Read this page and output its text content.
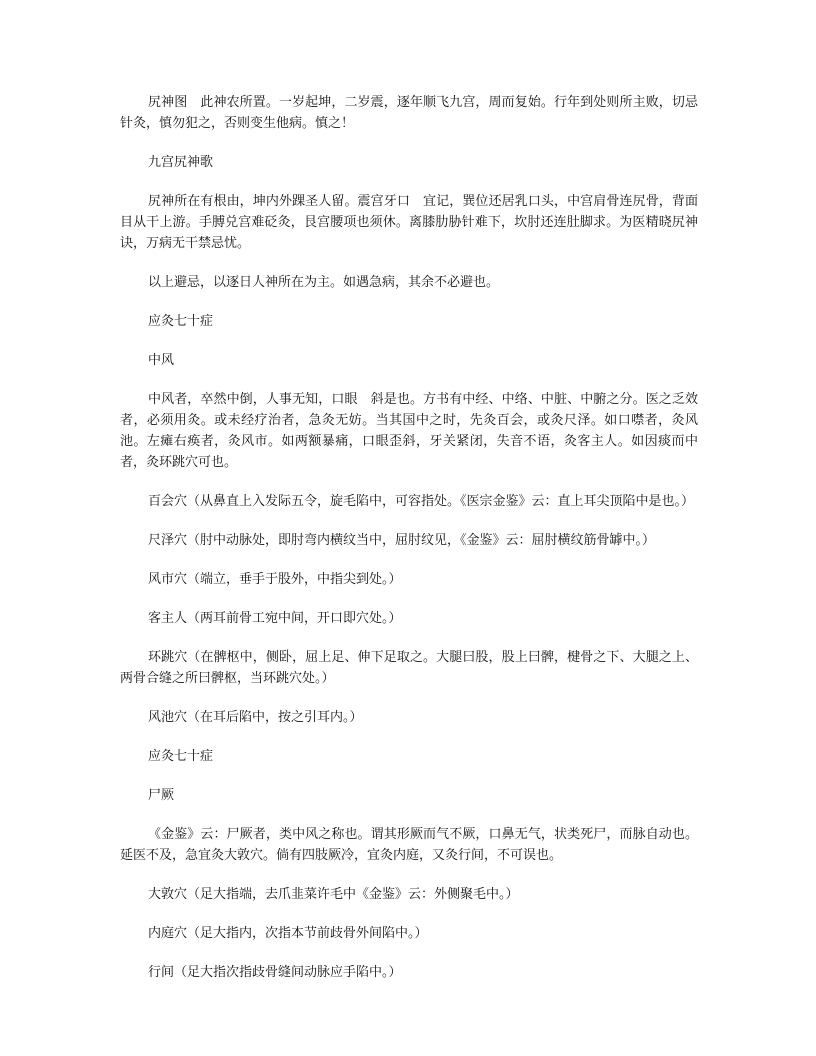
尻神图　此神农所置。一岁起坤，二岁震，逐年顺飞九宫，周而复始。行年到处则所主败，切忌针灸，慎勿犯之，否则变生他病。慎之！

九宫尻神歌

尻神所在有根由，坤内外踝圣人留。震宫牙口　宜记，巽位还居乳口头，中宫肩骨连尻骨，背面目从干上游。手膊兑宫难砭灸，艮宫腰项也须休。离膝肋胁针难下，坎肘还连肚脚求。为医精晓尻神诀，万病无干禁忌忧。

以上避忌，以逐日人神所在为主。如遇急病，其余不必避也。

应灸七十症

中风

中风者，卒然中倒，人事无知，口眼　斜是也。方书有中经、中络、中脏、中腑之分。医之乏效者，必须用灸。或未经疗治者，急灸无妨。当其国中之时，先灸百会，或灸尺泽。如口噤者，灸风池。左瘫右痪者，灸风市。如两额暴痛，口眼歪斜，牙关紧闭，失音不语，灸客主人。如因痰而中者，灸环跳穴可也。

百会穴（从鼻直上入发际五令，旋毛陷中，可容指处。《医宗金鉴》云：直上耳尖顶陷中是也。）

尺泽穴（肘中动脉处，即肘弯内横纹当中，屈肘纹见，《金鉴》云：屈肘横纹筋骨罅中。）

风市穴（端立，垂手于股外，中指尖到处。）

客主人（两耳前骨工宛中间，开口即穴处。）

环跳穴（在髀枢中，侧卧，屈上足、伸下足取之。大腿曰股，股上曰髀，楗骨之下、大腿之上、两骨合缝之所曰髀枢，当环跳穴处。）

风池穴（在耳后陷中，按之引耳内。）

应灸七十症

尸厥

《金鉴》云：尸厥者，类中风之称也。谓其形厥而气不厥，口鼻无气，状类死尸，而脉自动也。延医不及，急宜灸大敦穴。倘有四肢厥冷，宜灸内庭，又灸行间，不可误也。

大敦穴（足大指端，去爪韭菜许毛中《金鉴》云：外侧聚毛中。）

内庭穴（足大指内，次指本节前歧骨外间陷中。）

行间（足大指次指歧骨缝间动脉应手陷中。）
